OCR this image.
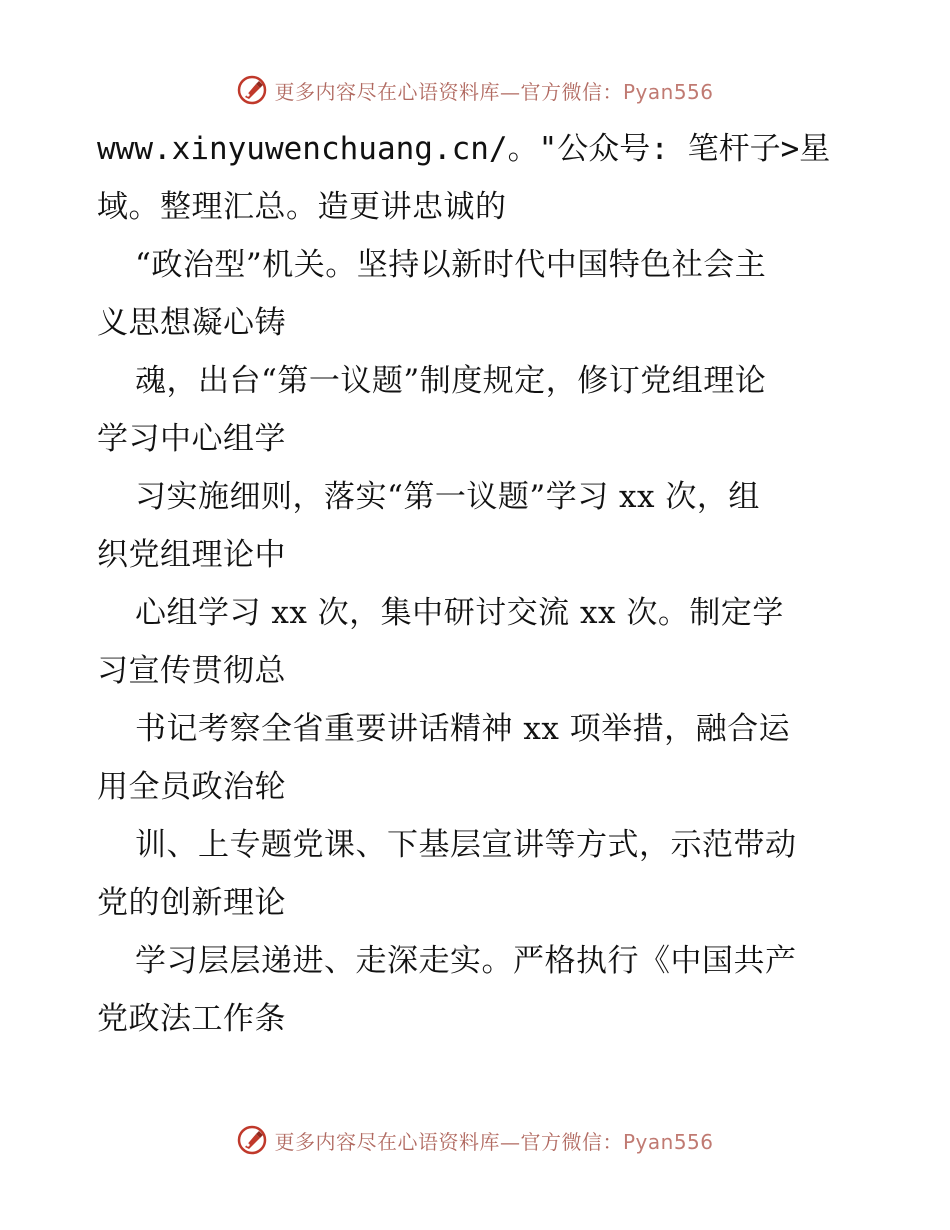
更多内容尽在心语资料库—官方微信：Pyan556
www.xinyuwenchuang.cn/。"公众号: 笔杆子>星
域。整理汇总。造更讲忠诚的
“政治型”机关。坚持以新时代中国特色社会主
义思想凝心铸
魂，出台“第一议题”制度规定，修订党组理论
学习中心组学
习实施细则，落实“第一议题”学习 xx 次，组
织党组理论中
心组学习 xx 次，集中研讨交流 xx 次。制定学
习宣传贯彻总
书记考察全省重要讲话精神 xx 项举措，融合运
用全员政治轮
训、上专题党课、下基层宣讲等方式，示范带动
党的创新理论
学习层层递进、走深走实。严格执行《中国共产
党政法工作条
更多内容尽在心语资料库—官方微信：Pyan556
